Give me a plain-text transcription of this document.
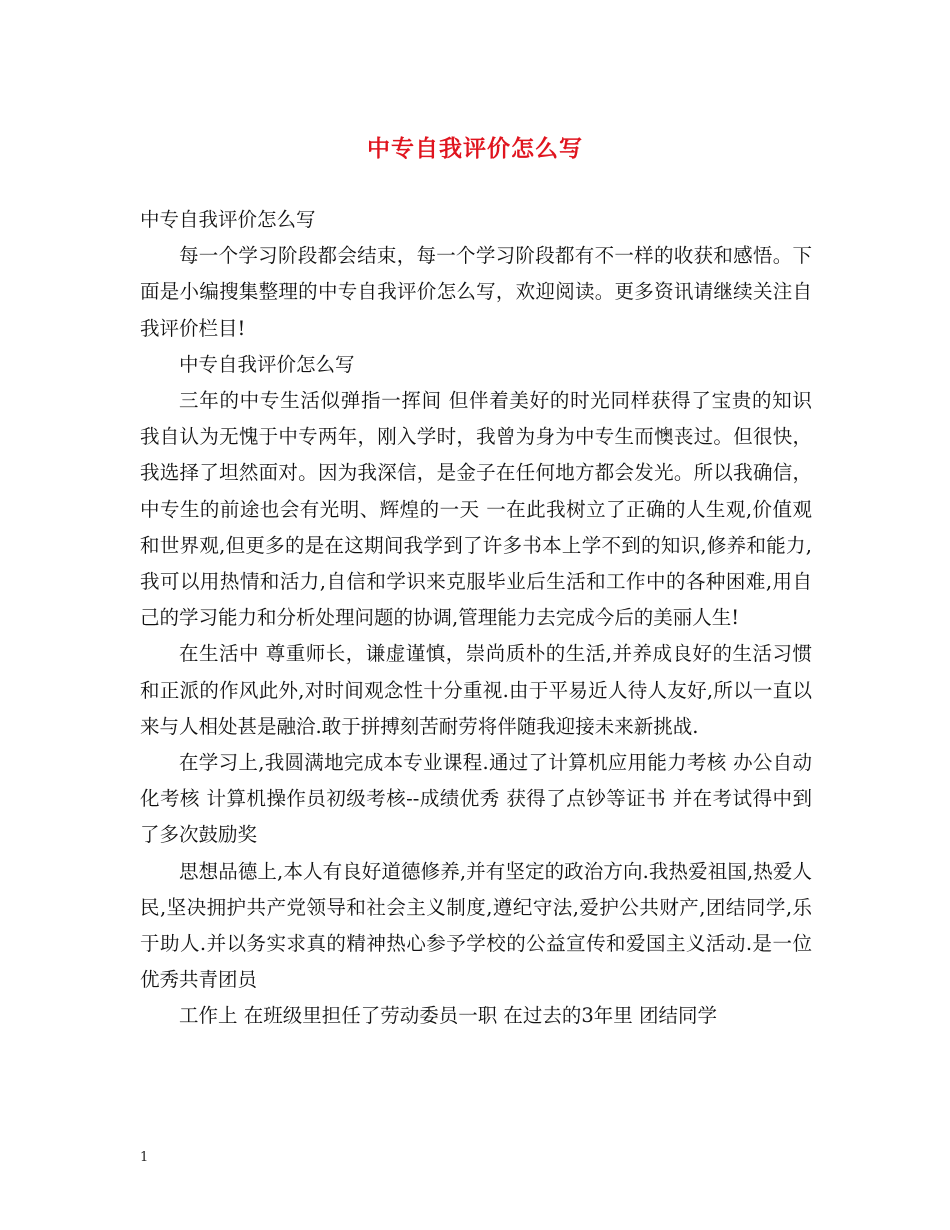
中专自我评价怎么写

中专自我评价怎么写

每一个学习阶段都会结束，每一个学习阶段都有不一样的收获和感悟。下面是小编搜集整理的中专自我评价怎么写，欢迎阅读。更多资讯请继续关注自我评价栏目!

中专自我评价怎么写

三年的中专生活似弹指一挥间 但伴着美好的时光同样获得了宝贵的知识 我自认为无愧于中专两年，刚入学时，我曾为身为中专生而懊丧过。但很快，我选择了坦然面对。因为我深信，是金子在任何地方都会发光。所以我确信，中专生的前途也会有光明、辉煌的一天 一在此我树立了正确的人生观,价值观和世界观,但更多的是在这期间我学到了许多书本上学不到的知识,修养和能力,我可以用热情和活力,自信和学识来克服毕业后生活和工作中的各种困难,用自己的学习能力和分析处理问题的协调,管理能力去完成今后的美丽人生!

在生活中 尊重师长，谦虚谨慎，崇尚质朴的生活,并养成良好的生活习惯和正派的作风此外,对时间观念性十分重视.由于平易近人待人友好,所以一直以来与人相处甚是融洽.敢于拼搏刻苦耐劳将伴随我迎接未来新挑战.

在学习上,我圆满地完成本专业课程.通过了计算机应用能力考核 办公自动化考核 计算机操作员初级考核--成绩优秀 获得了点钞等证书 并在考试得中到了多次鼓励奖

思想品德上,本人有良好道德修养,并有坚定的政治方向.我热爱祖国,热爱人民,坚决拥护共产党领导和社会主义制度,遵纪守法,爱护公共财产,团结同学,乐于助人.并以务实求真的精神热心参予学校的公益宣传和爱国主义活动.是一位优秀共青团员

工作上 在班级里担任了劳动委员一职 在过去的3年里 团结同学

1
